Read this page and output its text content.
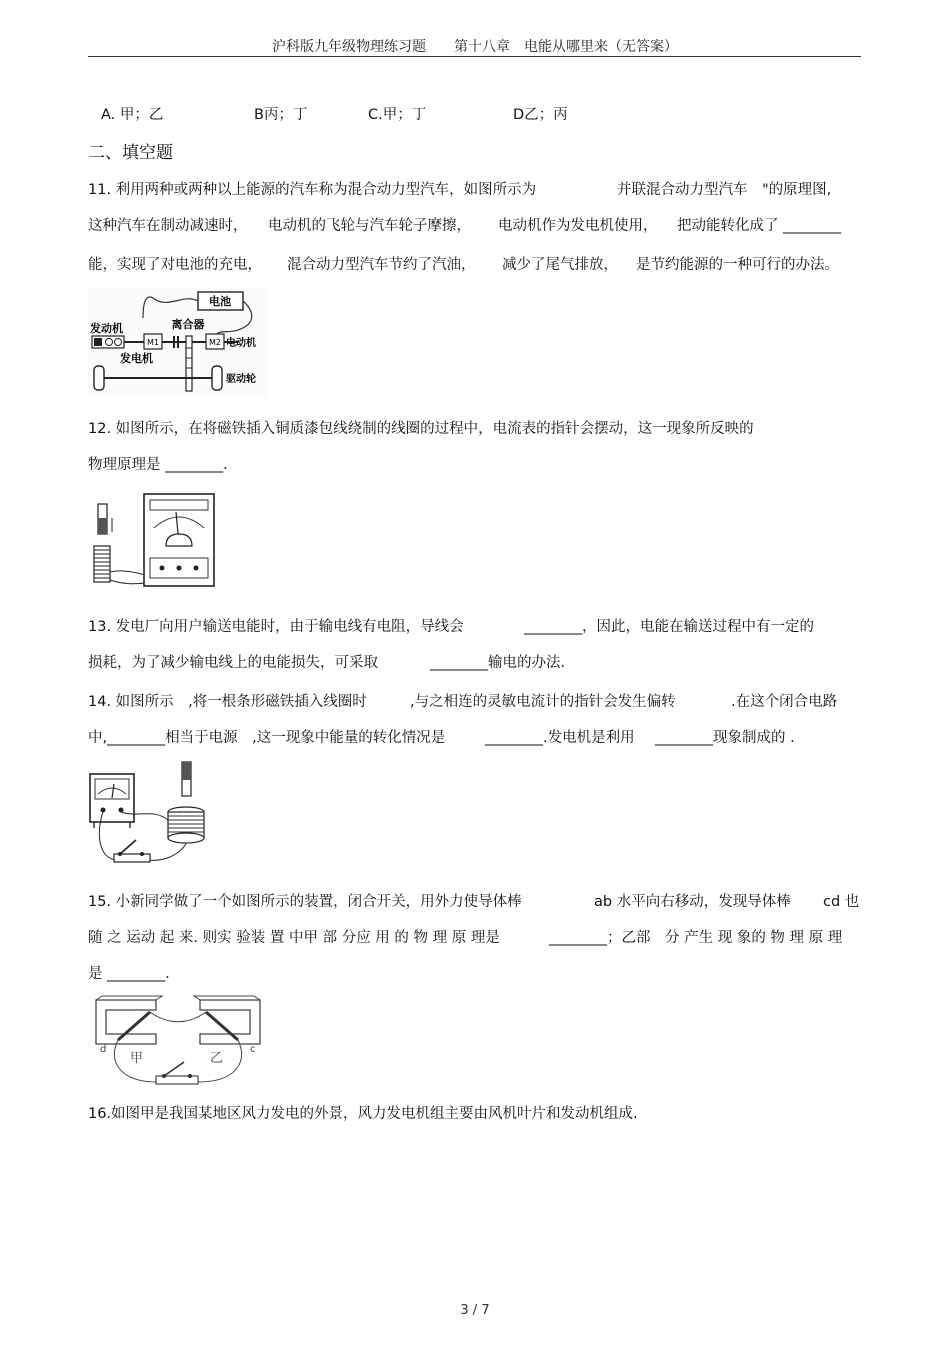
沪科版九年级物理练习题　　第十八章　电能从哪里来（无答案）
A. 甲；乙	B丙；丁	C.甲；丁	D乙；丙
二、填空题
11. 利用两种或两种以上能源的汽车称为混合动力型汽车，如图所示为	并联混合动力型汽车　"的原理图,
这种汽车在制动减速时， 电动机的飞轮与汽车轮子摩擦， 电动机作为发电机使用， 把动能转化成了 ________
能，实现了对电池的充电， 混合动力型汽车节约了汽油， 减少了尾气排放， 是节约能源的一种可行的办法。
电池
离合器
发动机
M1	M2 电动机
发电机
驱动轮
12. 如图所示，在将磁铁插入铜质漆包线绕制的线圈的过程中，电流表的指针会摆动，这一现象所反映的
物理原理是 ________.
13. 发电厂向用户输送电能时，由于输电线有电阻，导线会	________，因此，电能在输送过程中有一定的
损耗，为了减少输电线上的电能损失，可采取	________输电的办法.
14. 如图所示　,将一根条形磁铁插入线圈时	,与之相连的灵敏电流计的指针会发生偏转	.在这个闭合电路
中,________相当于电源　,这一现象中能量的转化情况是	________.发电机是利用 ________现象制成的 .
15. 小新同学做了一个如图所示的装置，闭合开关，用外力使导体棒	ab 水平向右移动，发现导体棒 cd 也
随 之 运动 起 来. 则实 验装 置 中甲 部 分应 用 的 物 理 原 理是	________；乙部　分 产生 现 象的 物 理 原 理
是 ________.
d	c
甲	乙
16.如图甲是我国某地区风力发电的外景，风力发电机组主要由风机叶片和发动机组成.
3 / 7
